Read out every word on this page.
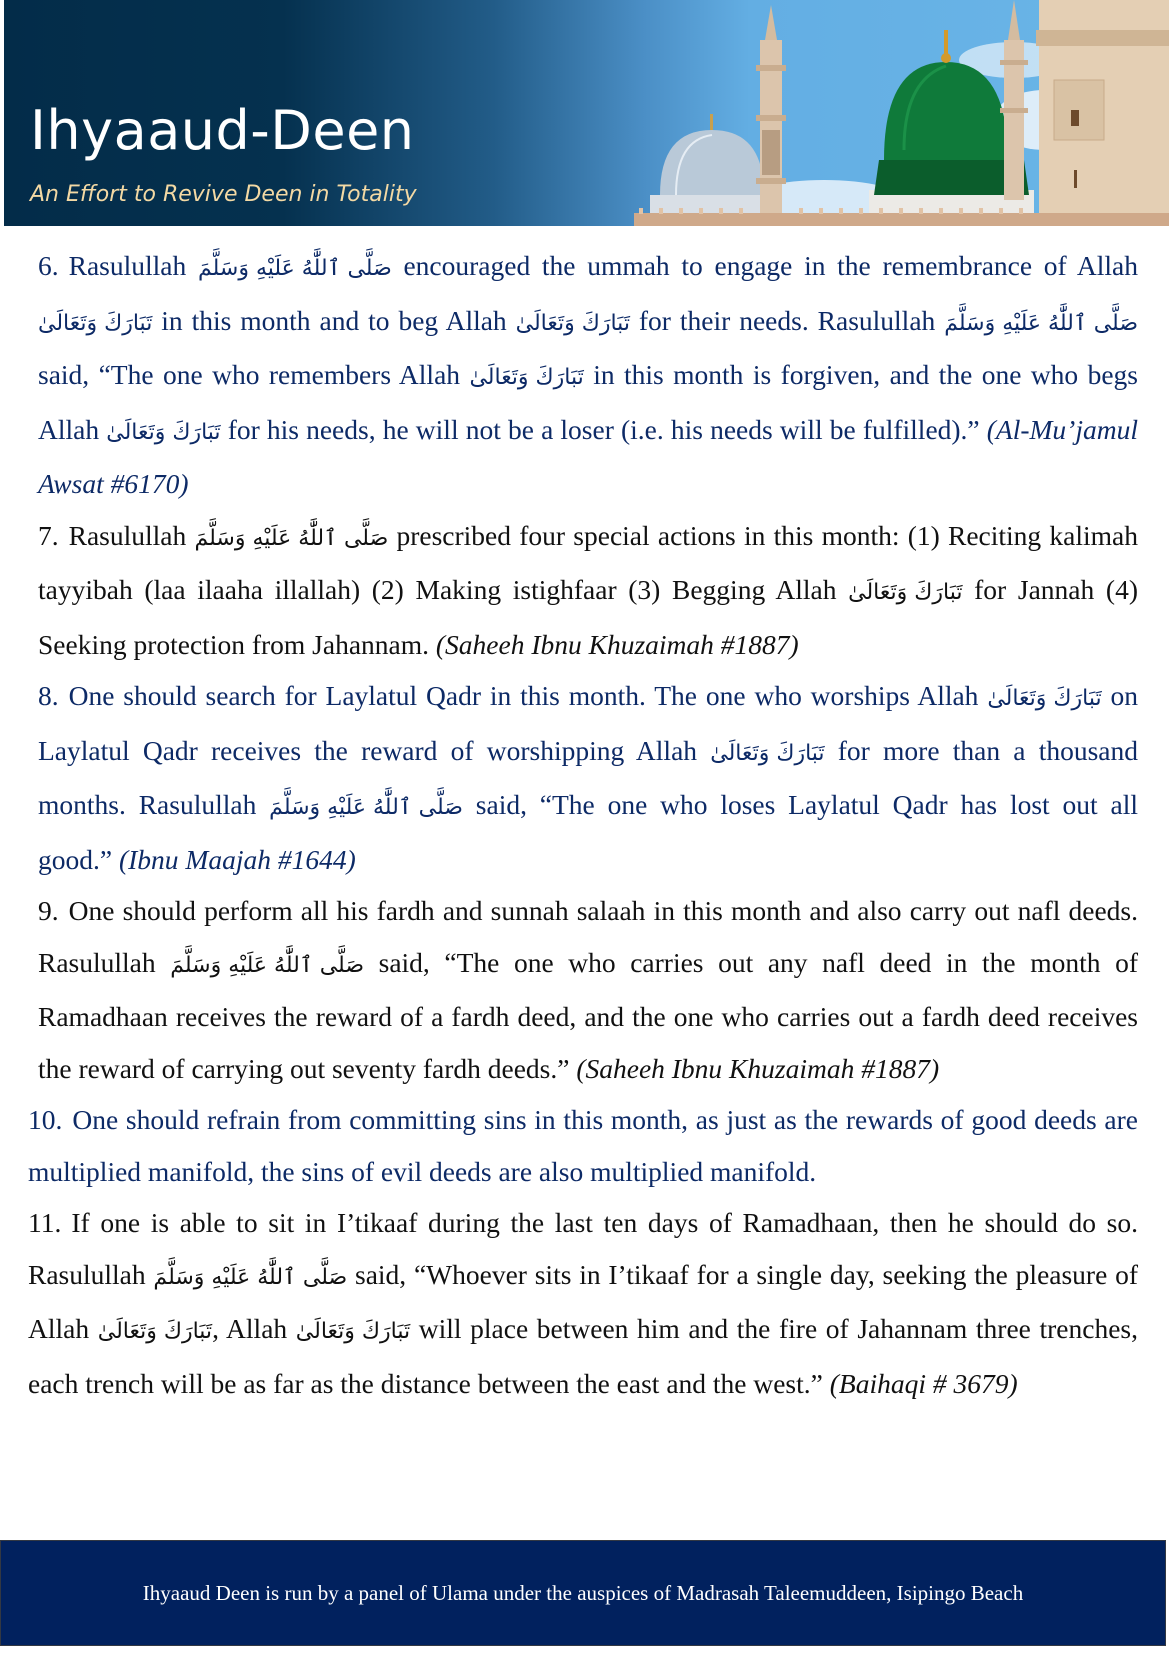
Ihyaaud-Deen
An Effort to Revive Deen in Totality

6. Rasulullah صَلَّى ٱللَّٰهُ عَلَيْهِ وَسَلَّمَ encouraged the ummah to engage in the remembrance of Allah تَبَارَكَ وَتَعَالَىٰ in this month and to beg Allah تَبَارَكَ وَتَعَالَىٰ for their needs. Rasulullah صَلَّى ٱللَّٰهُ عَلَيْهِ وَسَلَّمَ said, “The one who remembers Allah تَبَارَكَ وَتَعَالَىٰ in this month is forgiven, and the one who begs Allah تَبَارَكَ وَتَعَالَىٰ for his needs, he will not be a loser (i.e. his needs will be fulfilled).” (Al-Mu’jamul Awsat #6170)

7. Rasulullah صَلَّى ٱللَّٰهُ عَلَيْهِ وَسَلَّمَ prescribed four special actions in this month: (1) Reciting kalimah tayyibah (laa ilaaha illallah) (2) Making istighfaar (3) Begging Allah تَبَارَكَ وَتَعَالَىٰ for Jannah (4) Seeking protection from Jahannam. (Saheeh Ibnu Khuzaimah #1887)

8. One should search for Laylatul Qadr in this month. The one who worships Allah تَبَارَكَ وَتَعَالَىٰ on Laylatul Qadr receives the reward of worshipping Allah تَبَارَكَ وَتَعَالَىٰ for more than a thousand months. Rasulullah صَلَّى ٱللَّٰهُ عَلَيْهِ وَسَلَّمَ said, “The one who loses Laylatul Qadr has lost out all good.” (Ibnu Maajah #1644)

9. One should perform all his fardh and sunnah salaah in this month and also carry out nafl deeds. Rasulullah صَلَّى ٱللَّٰهُ عَلَيْهِ وَسَلَّمَ said, “The one who carries out any nafl deed in the month of Ramadhaan receives the reward of a fardh deed, and the one who carries out a fardh deed receives the reward of carrying out seventy fardh deeds.” (Saheeh Ibnu Khuzaimah #1887)

10. One should refrain from committing sins in this month, as just as the rewards of good deeds are multiplied manifold, the sins of evil deeds are also multiplied manifold.

11. If one is able to sit in I’tikaaf during the last ten days of Ramadhaan, then he should do so. Rasulullah صَلَّى ٱللَّٰهُ عَلَيْهِ وَسَلَّمَ said, “Whoever sits in I’tikaaf for a single day, seeking the pleasure of Allah تَبَارَكَ وَتَعَالَىٰ, Allah تَبَارَكَ وَتَعَالَىٰ will place between him and the fire of Jahannam three trenches, each trench will be as far as the distance between the east and the west.” (Baihaqi # 3679)

Ihyaaud Deen is run by a panel of Ulama under the auspices of Madrasah Taleemuddeen, Isipingo Beach
